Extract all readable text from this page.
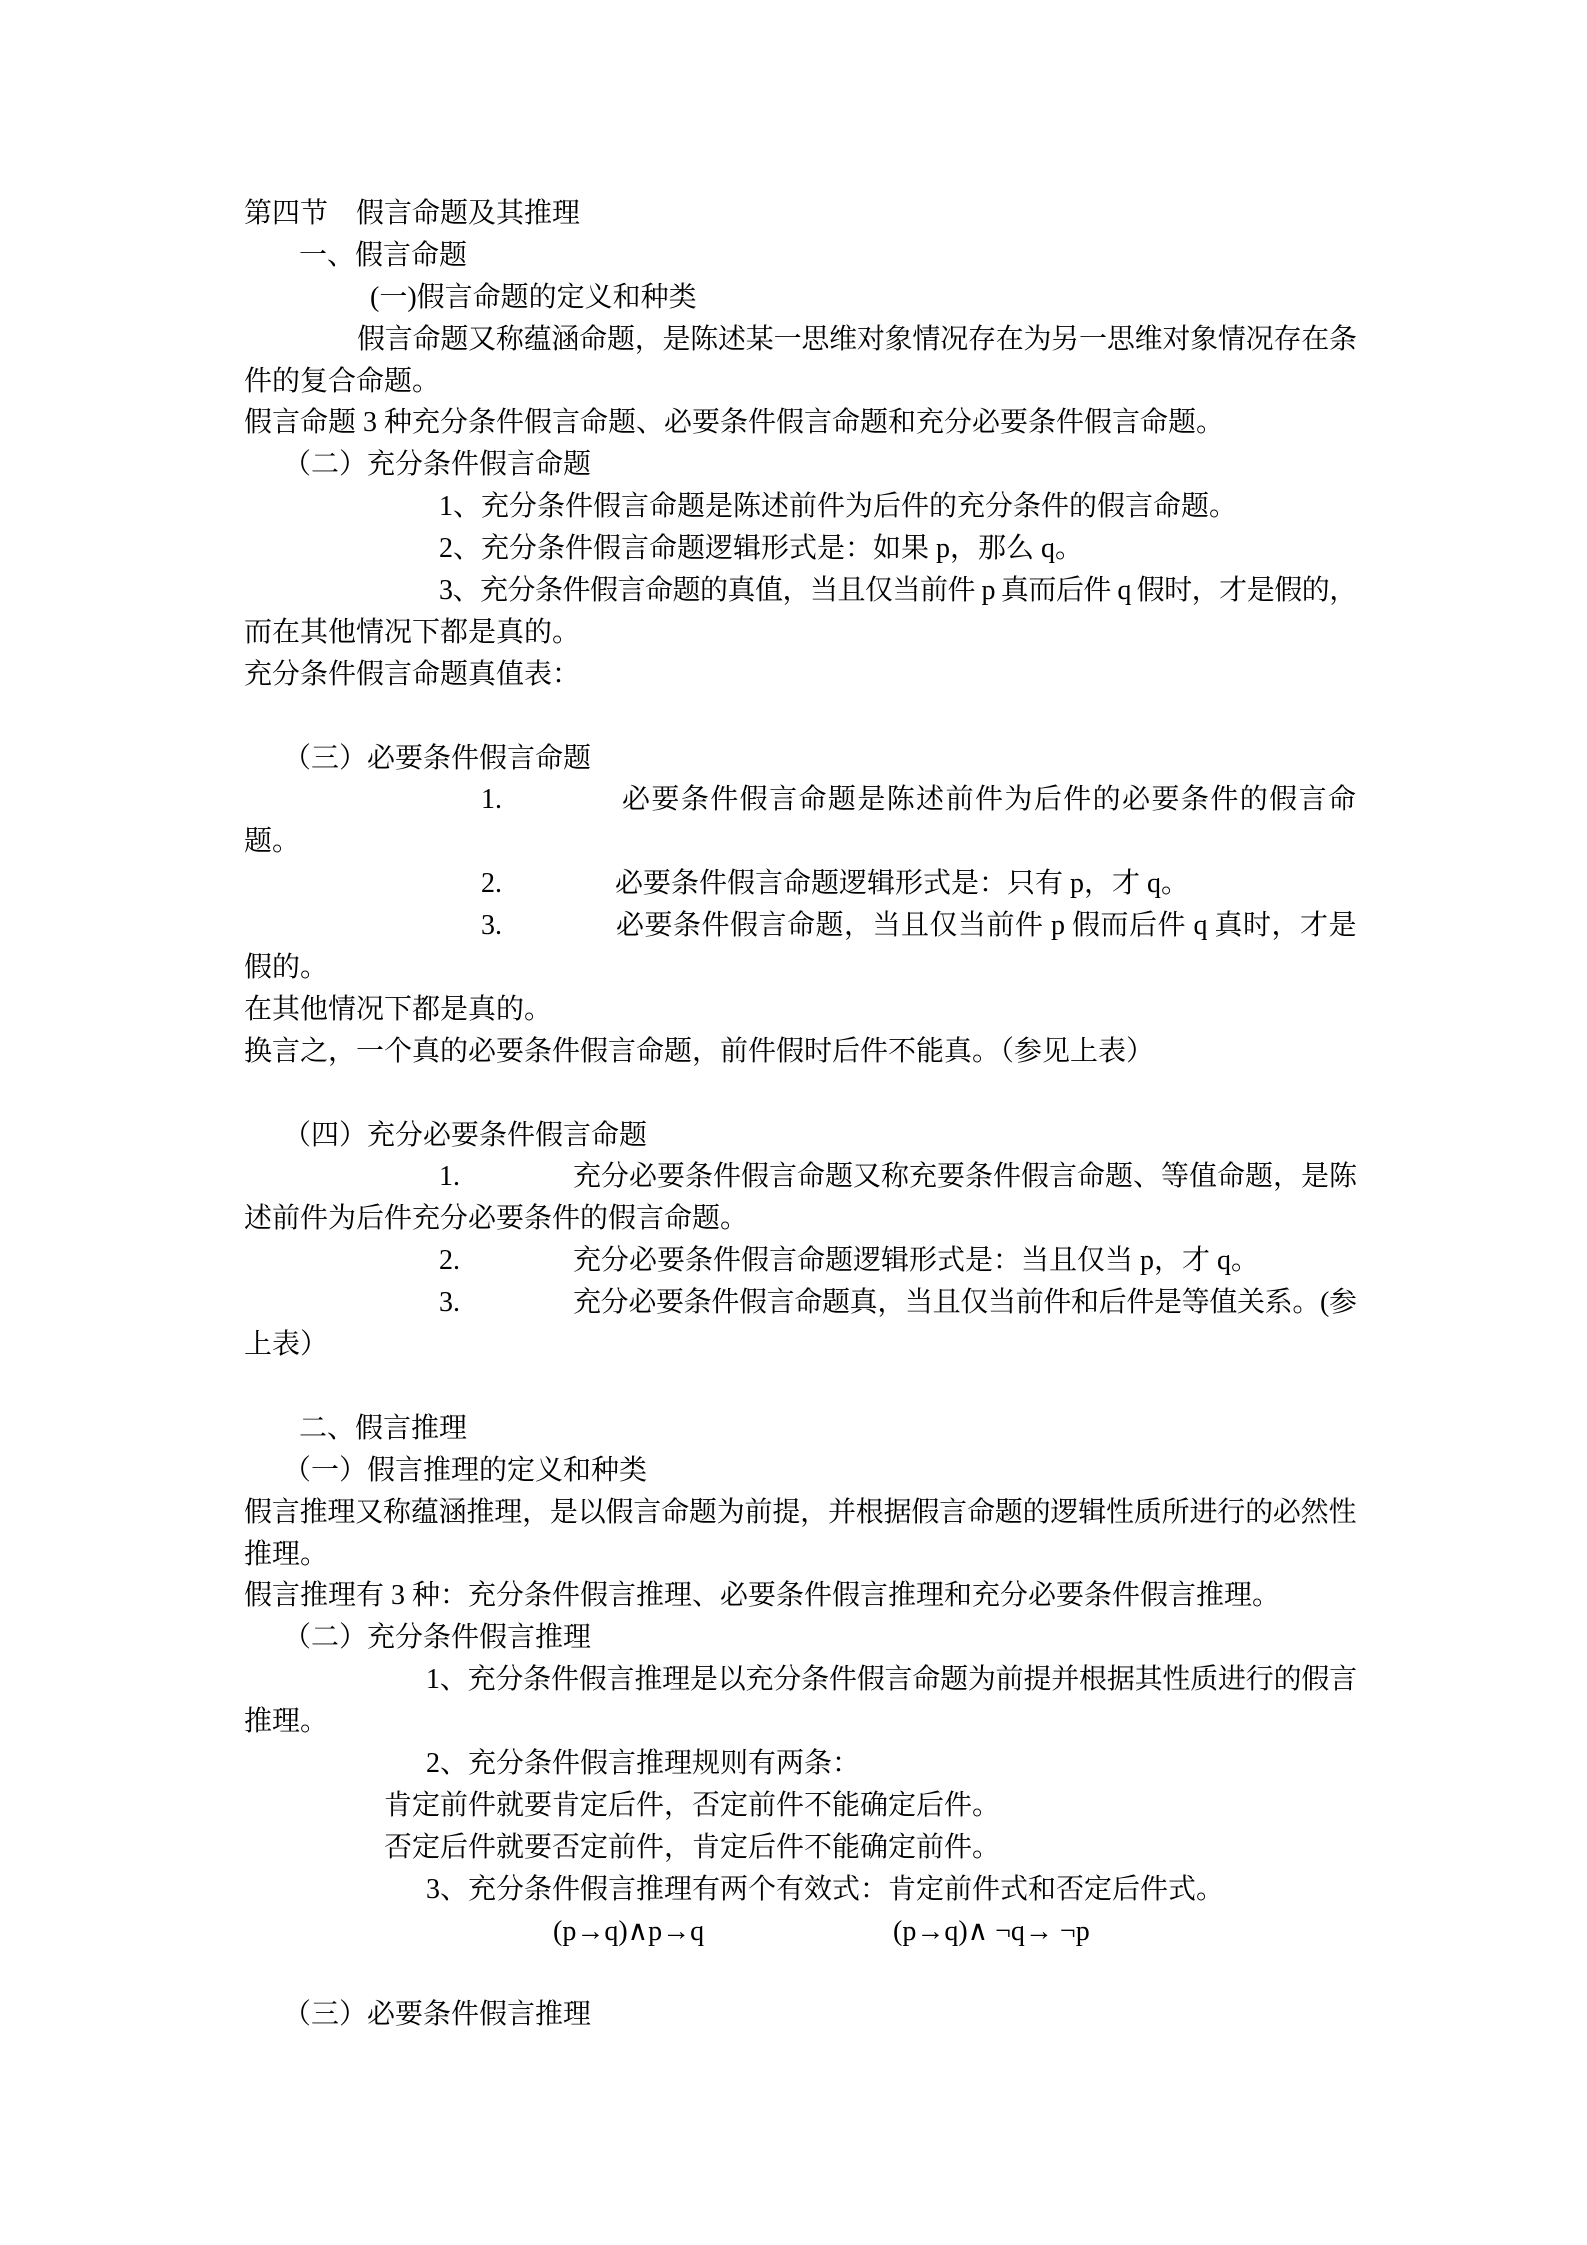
第四节　假言命题及其推理

一、假言命题

(一)假言命题的定义和种类

假言命题又称蕴涵命题，是陈述某一思维对象情况存在为另一思维对象情况存在条

件的复合命题。

假言命题 3 种充分条件假言命题、必要条件假言命题和充分必要条件假言命题。

（二）充分条件假言命题

1、充分条件假言命题是陈述前件为后件的充分条件的假言命题。

2、充分条件假言命题逻辑形式是：如果 p，那么 q。

3、充分条件假言命题的真值，当且仅当前件 p 真而后件 q 假时，才是假的，

而在其他情况下都是真的。

充分条件假言命题真值表：

（三）必要条件假言命题

1.	必要条件假言命题是陈述前件为后件的必要条件的假言命

题。

2.	必要条件假言命题逻辑形式是：只有 p，才 q。
3.	必要条件假言命题，当且仅当前件 p 假而后件 q 真时，才是

假的。

在其他情况下都是真的。

换言之，一个真的必要条件假言命题，前件假时后件不能真。（参见上表）

（四）充分必要条件假言命题

1.	充分必要条件假言命题又称充要条件假言命题、等值命题，是陈

述前件为后件充分必要条件的假言命题。

2.	充分必要条件假言命题逻辑形式是：当且仅当 p，才 q。
3.	充分必要条件假言命题真，当且仅当前件和后件是等值关系。(参

上表）

二、假言推理

（一）假言推理的定义和种类

假言推理又称蕴涵推理，是以假言命题为前提，并根据假言命题的逻辑性质所进行的必然性

推理。

假言推理有 3 种：充分条件假言推理、必要条件假言推理和充分必要条件假言推理。

（二）充分条件假言推理

1、充分条件假言推理是以充分条件假言命题为前提并根据其性质进行的假言

推理。

2、充分条件假言推理规则有两条：

肯定前件就要肯定后件，否定前件不能确定后件。

否定后件就要否定前件，肯定后件不能确定前件。

3、充分条件假言推理有两个有效式：肯定前件式和否定后件式。

(p→q)∧p→q	(p→q)∧ ¬q→ ¬p

（三）必要条件假言推理
